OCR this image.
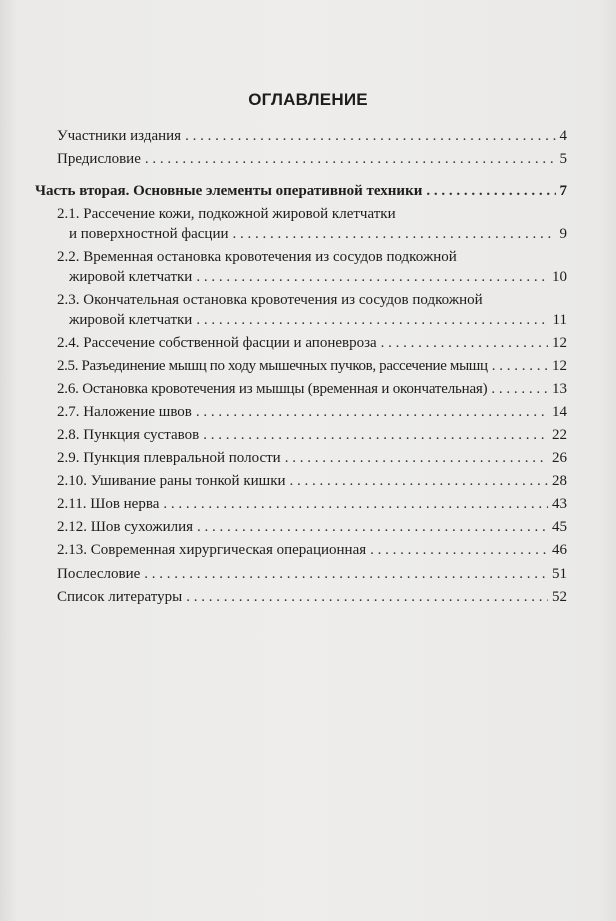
ОГЛАВЛЕНИЕ
Участники издания . . .	4
Предисловие . . .	5
Часть вторая. Основные элементы оперативной техники . . .	7
2.1. Рассечение кожи, подкожной жировой клетчатки
и поверхностной фасции . . .	9
2.2. Временная остановка кровотечения из сосудов подкожной
жировой клетчатки . . .	10
2.3. Окончательная остановка кровотечения из сосудов подкожной
жировой клетчатки . . .	11
2.4. Рассечение собственной фасции и апоневроза . . .	12
2.5. Разъединение мышц по ходу мышечных пучков, рассечение мышц . . .	12
2.6. Остановка кровотечения из мышцы (временная и окончательная) . . .	13
2.7. Наложение швов . . .	14
2.8. Пункция суставов . . .	22
2.9. Пункция плевральной полости . . .	26
2.10. Ушивание раны тонкой кишки . . .	28
2.11. Шов нерва . . .	43
2.12. Шов сухожилия . . .	45
2.13. Современная хирургическая операционная . . .	46
Послесловие . . .	51
Список литературы . . .	52
